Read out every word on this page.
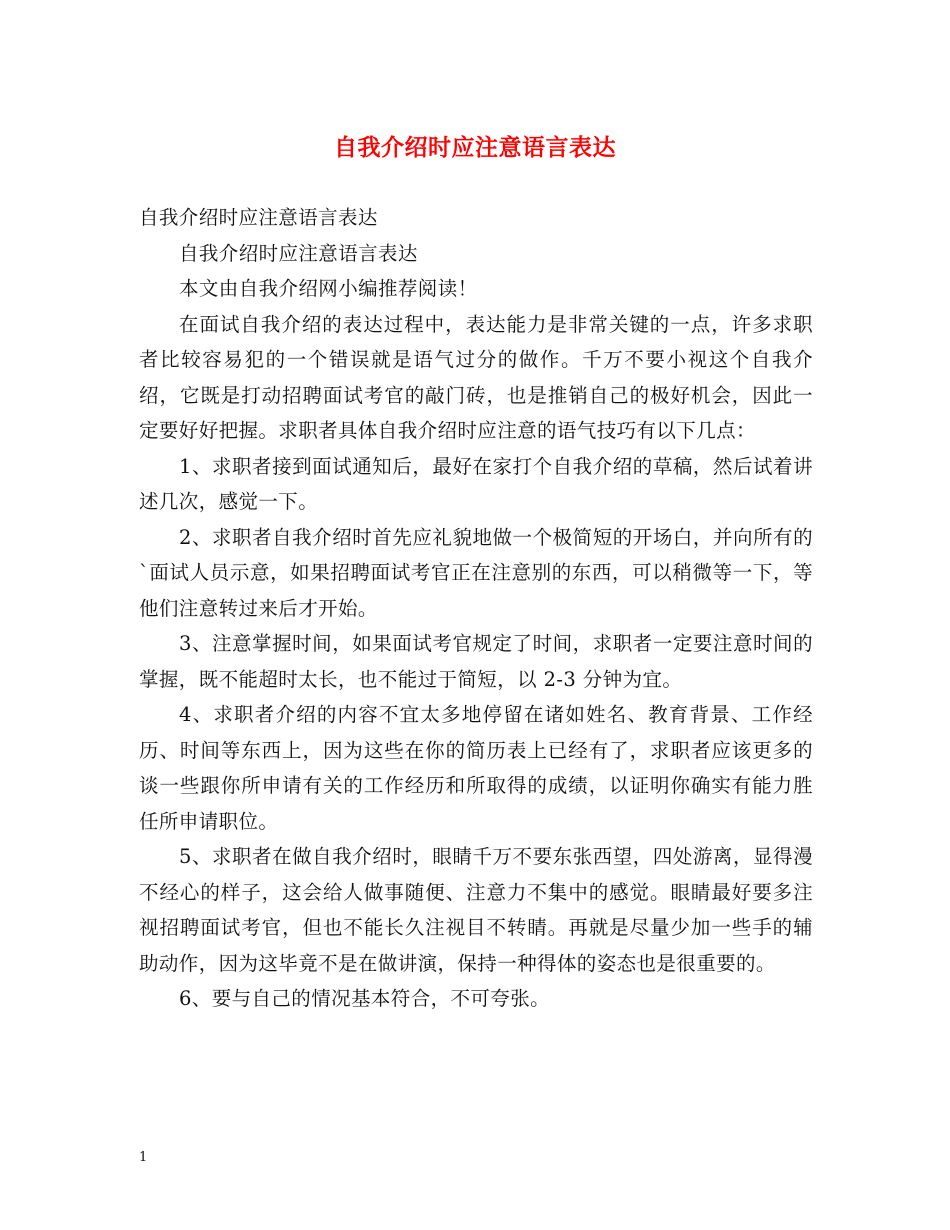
自我介绍时应注意语言表达

自我介绍时应注意语言表达

自我介绍时应注意语言表达

本文由自我介绍网小编推荐阅读！

在面试自我介绍的表达过程中，表达能力是非常关键的一点，许多求职者比较容易犯的一个错误就是语气过分的做作。千万不要小视这个自我介绍，它既是打动招聘面试考官的敲门砖，也是推销自己的极好机会，因此一定要好好把握。求职者具体自我介绍时应注意的语气技巧有以下几点：

1、求职者接到面试通知后，最好在家打个自我介绍的草稿，然后试着讲述几次，感觉一下。

2、求职者自我介绍时首先应礼貌地做一个极简短的开场白，并向所有的`面试人员示意，如果招聘面试考官正在注意别的东西，可以稍微等一下，等他们注意转过来后才开始。

3、注意掌握时间，如果面试考官规定了时间，求职者一定要注意时间的掌握，既不能超时太长，也不能过于简短，以 2-3 分钟为宜。

4、求职者介绍的内容不宜太多地停留在诸如姓名、教育背景、工作经历、时间等东西上，因为这些在你的简历表上已经有了，求职者应该更多的谈一些跟你所申请有关的工作经历和所取得的成绩，以证明你确实有能力胜任所申请职位。

5、求职者在做自我介绍时，眼睛千万不要东张西望，四处游离，显得漫不经心的样子，这会给人做事随便、注意力不集中的感觉。眼睛最好要多注视招聘面试考官，但也不能长久注视目不转睛。再就是尽量少加一些手的辅助动作，因为这毕竟不是在做讲演，保持一种得体的姿态也是很重要的。

6、要与自己的情况基本符合，不可夸张。

1
